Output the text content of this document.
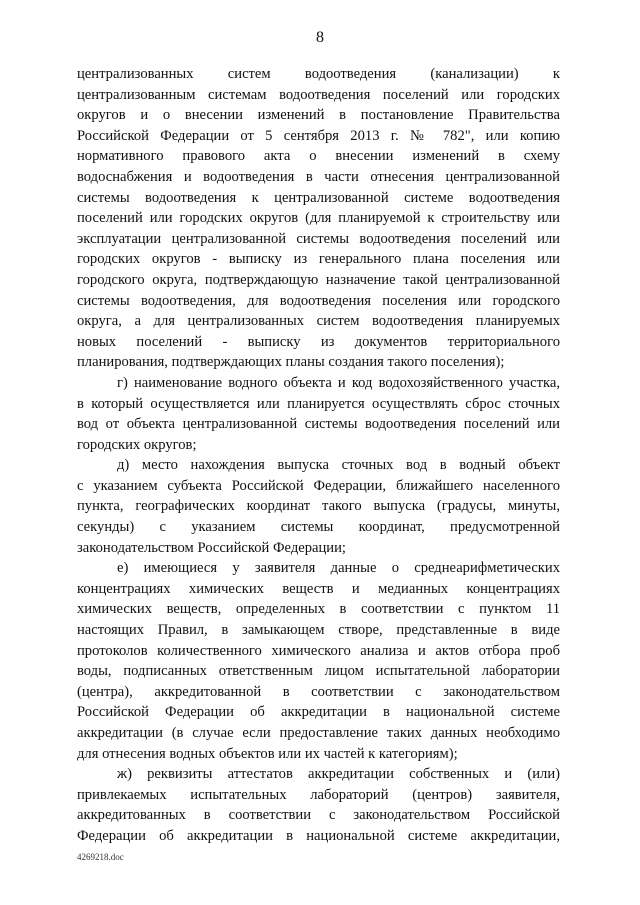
8

централизованных систем водоотведения (канализации) к
централизованным системам водоотведения поселений или городских
округов и о внесении изменений в постановление Правительства
Российской Федерации от 5 сентября 2013 г. № 782", или копию
нормативного правового акта о внесении изменений в схему
водоснабжения и водоотведения в части отнесения централизованной
системы водоотведения к централизованной системе водоотведения
поселений или городских округов (для планируемой к строительству или
эксплуатации централизованной системы водоотведения поселений или
городских округов - выписку из генерального плана поселения или
городского округа, подтверждающую назначение такой централизованной
системы водоотведения, для водоотведения поселения или городского
округа, а для централизованных систем водоотведения планируемых
новых поселений - выписку из документов территориального
планирования, подтверждающих планы создания такого поселения);

г) наименование водного объекта и код водохозяйственного участка,
в который осуществляется или планируется осуществлять сброс сточных
вод от объекта централизованной системы водоотведения поселений или
городских округов;

д) место нахождения выпуска сточных вод в водный объект
с указанием субъекта Российской Федерации, ближайшего населенного
пункта, географических координат такого выпуска (градусы, минуты,
секунды) с указанием системы координат, предусмотренной
законодательством Российской Федерации;

е) имеющиеся у заявителя данные о среднеарифметических
концентрациях химических веществ и медианных концентрациях
химических веществ, определенных в соответствии с пунктом 11
настоящих Правил, в замыкающем створе, представленные в виде
протоколов количественного химического анализа и актов отбора проб
воды, подписанных ответственным лицом испытательной лаборатории
(центра), аккредитованной в соответствии с законодательством
Российской Федерации об аккредитации в национальной системе
аккредитации (в случае если предоставление таких данных необходимо
для отнесения водных объектов или их частей к категориям);

ж) реквизиты аттестатов аккредитации собственных и (или)
привлекаемых испытательных лабораторий (центров) заявителя,
аккредитованных в соответствии с законодательством Российской
Федерации об аккредитации в национальной системе аккредитации,

4269218.doc
